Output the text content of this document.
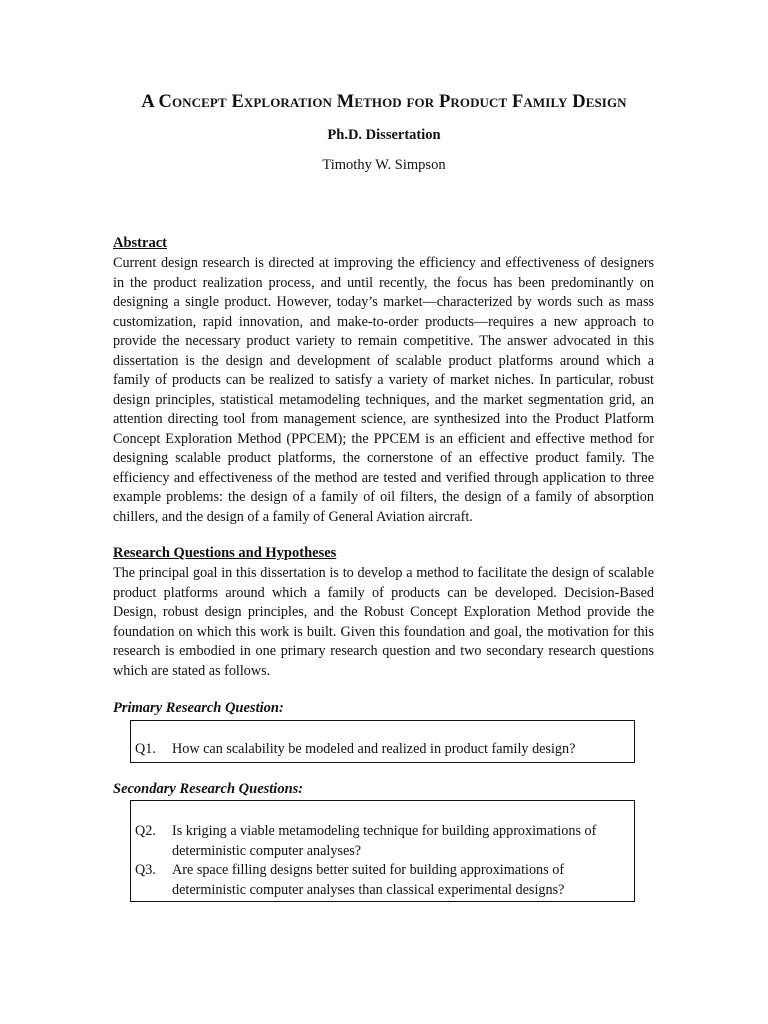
A Concept Exploration Method for Product Family Design
Ph.D. Dissertation
Timothy W. Simpson
Abstract

Current design research is directed at improving the efficiency and effectiveness of designers in the product realization process, and until recently, the focus has been predominantly on designing a single product. However, today’s market—characterized by words such as mass customization, rapid innovation, and make-to-order products—requires a new approach to provide the necessary product variety to remain competitive. The answer advocated in this dissertation is the design and development of scalable product platforms around which a family of products can be realized to satisfy a variety of market niches. In particular, robust design principles, statistical metamodeling techniques, and the market segmentation grid, an attention directing tool from management science, are synthesized into the Product Platform Concept Exploration Method (PPCEM); the PPCEM is an efficient and effective method for designing scalable product platforms, the cornerstone of an effective product family. The efficiency and effectiveness of the method are tested and verified through application to three example problems: the design of a family of oil filters, the design of a family of absorption chillers, and the design of a family of General Aviation aircraft.

Research Questions and Hypotheses

The principal goal in this dissertation is to develop a method to facilitate the design of scalable product platforms around which a family of products can be developed. Decision-Based Design, robust design principles, and the Robust Concept Exploration Method provide the foundation on which this work is built. Given this foundation and goal, the motivation for this research is embodied in one primary research question and two secondary research questions which are stated as follows.

Primary Research Question:
Q1.	How can scalability be modeled and realized in product family design?
Secondary Research Questions:
Q2.	Is kriging a viable metamodeling technique for building approximations of deterministic computer analyses?
Q3.	Are space filling designs better suited for building approximations of deterministic computer analyses than classical experimental designs?
